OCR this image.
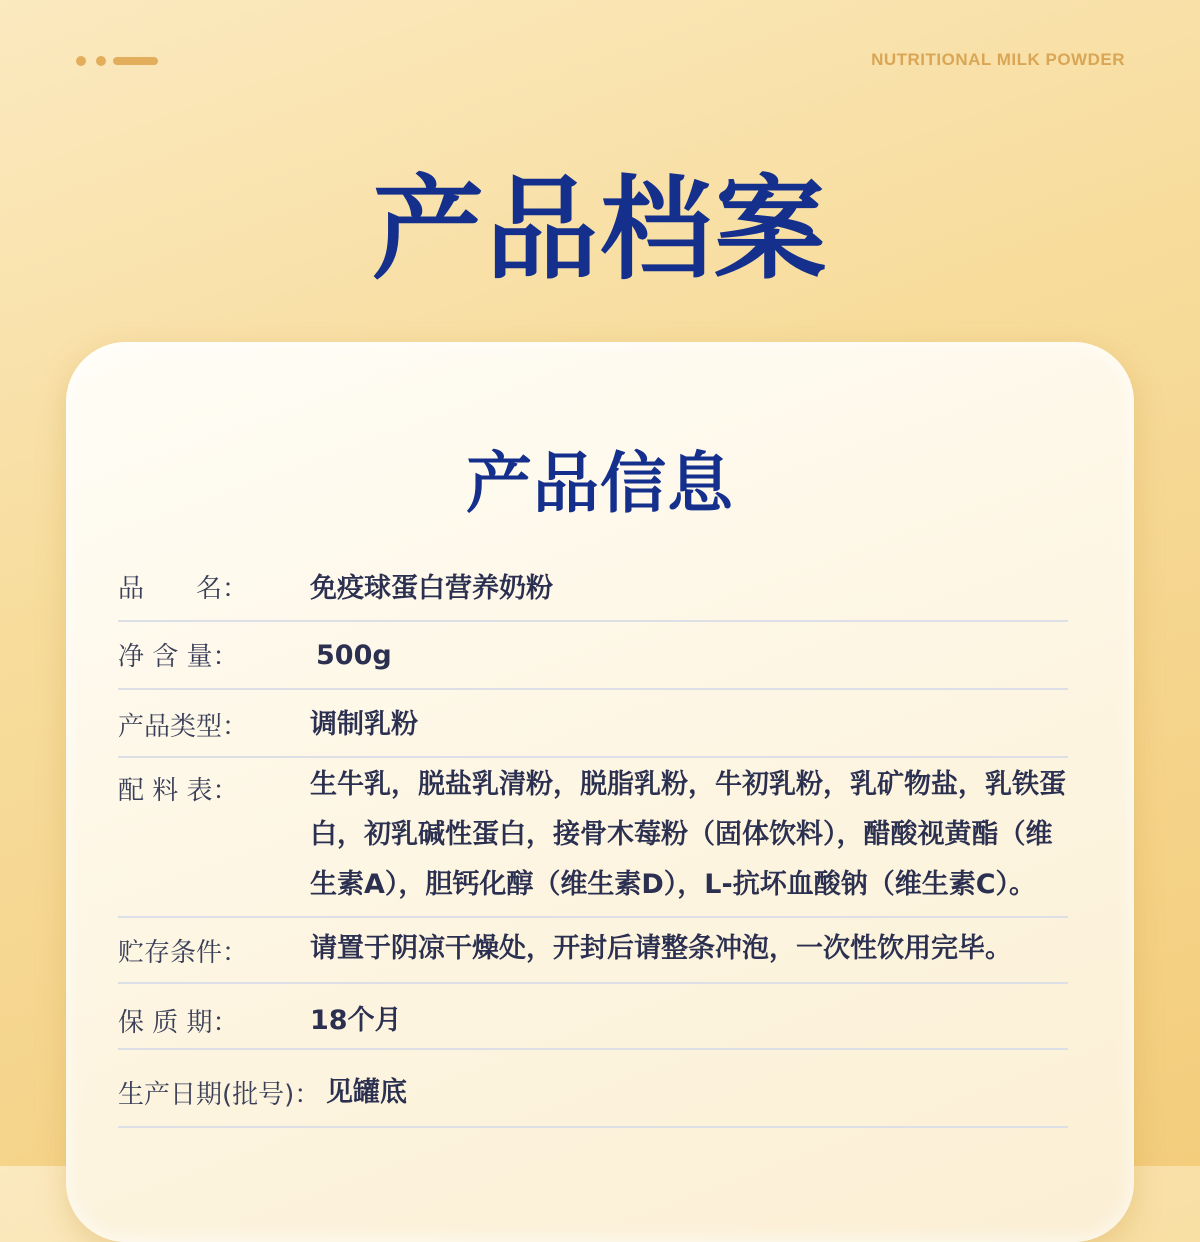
NUTRITIONAL MILK POWDER
产品档案
产品信息
品　　名： 免疫球蛋白营养奶粉
净 含 量：	500g
产品类型： 调制乳粉
配 料 表：	生牛乳，脱盐乳清粉，脱脂乳粉，牛初乳粉，乳矿物盐，乳铁蛋白，初乳碱性蛋白，接骨木莓粉（固体饮料），醋酸视黄酯（维生素A），胆钙化醇（维生素D），L-抗坏血酸钠（维生素C）。
贮存条件： 请置于阴凉干燥处，开封后请整条冲泡，一次性饮用完毕。
保 质 期：	18个月
生产日期(批号)： 见罐底
